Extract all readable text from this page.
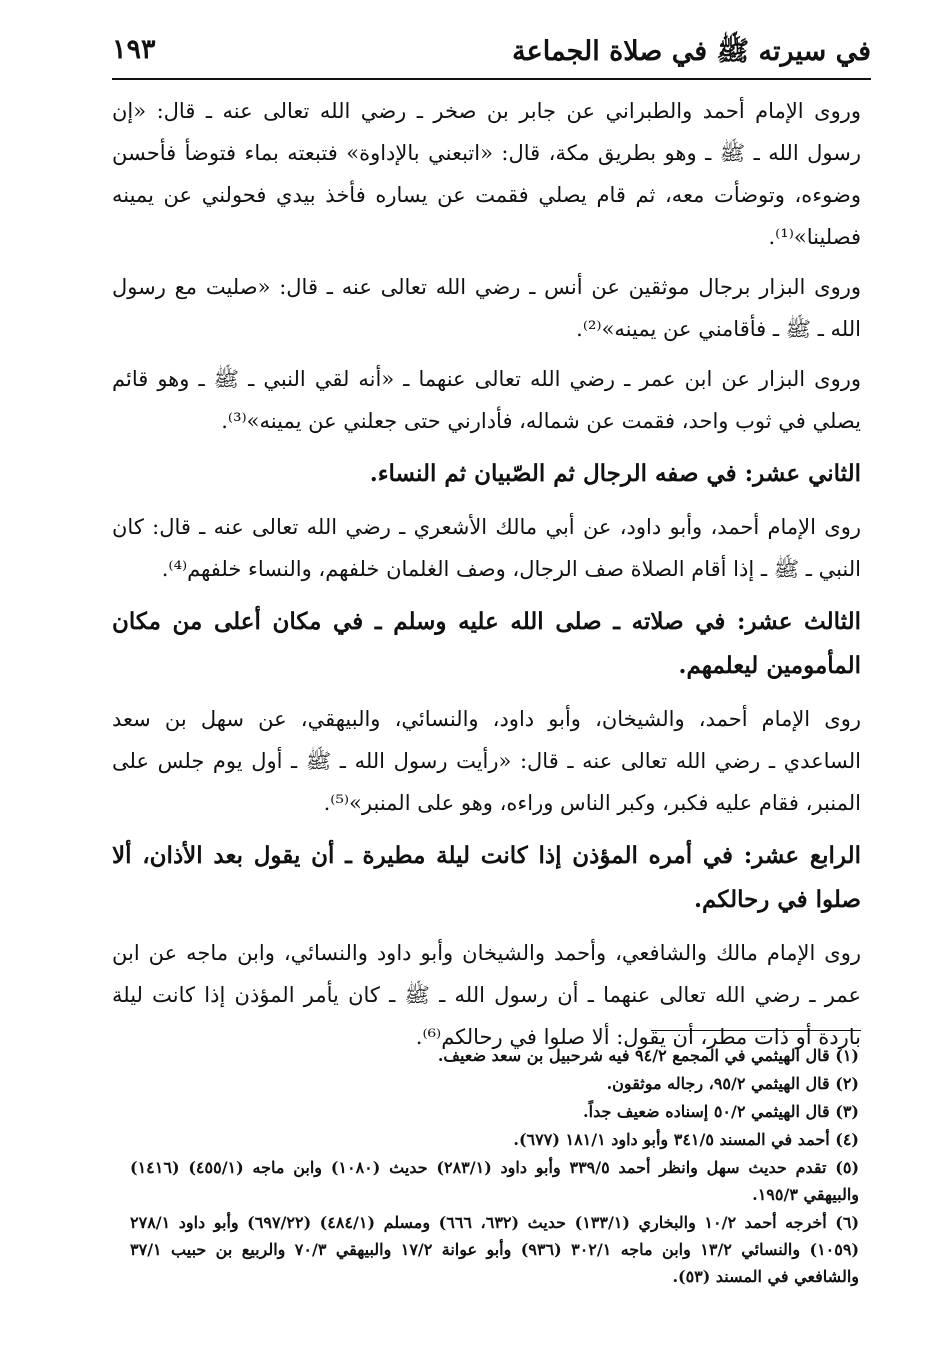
في سيرته ﷺ في صلاة الجماعة
١٩٣

وروى الإمام أحمد والطبراني عن جابر بن صخر ـ رضي الله تعالى عنه ـ قال: «إن رسول الله ـ ﷺ ـ وهو بطريق مكة، قال: «اتبعني بالإداوة» فتبعته بماء فتوضأ فأحسن وضوءه، وتوضأت معه، ثم قام يصلي فقمت عن يساره فأخذ بيدي فحولني عن يمينه فصلينا»⁽¹⁾.

وروى البزار برجال موثقين عن أنس ـ رضي الله تعالى عنه ـ قال: «صليت مع رسول الله ـ ﷺ ـ فأقامني عن يمينه»⁽²⁾.

وروى البزار عن ابن عمر ـ رضي الله تعالى عنهما ـ «أنه لقي النبي ـ ﷺ ـ وهو قائم يصلي في ثوب واحد، فقمت عن شماله، فأدارني حتى جعلني عن يمينه»⁽³⁾.

الثاني عشر: في صفه الرجال ثم الصّبيان ثم النساء.

روى الإمام أحمد، وأبو داود، عن أبي مالك الأشعري ـ رضي الله تعالى عنه ـ قال: كان النبي ـ ﷺ ـ إذا أقام الصلاة صف الرجال، وصف الغلمان خلفهم، والنساء خلفهم⁽⁴⁾.

الثالث عشر: في صلاته ـ صلى الله عليه وسلم ـ في مكان أعلى من مكان المأمومين ليعلمهم.

روى الإمام أحمد، والشيخان، وأبو داود، والنسائي، والبيهقي، عن سهل بن سعد الساعدي ـ رضي الله تعالى عنه ـ قال: «رأيت رسول الله ـ ﷺ ـ أول يوم جلس على المنبر، فقام عليه فكبر، وكبر الناس وراءه، وهو على المنبر»⁽⁵⁾.

الرابع عشر: في أمره المؤذن إذا كانت ليلة مطيرة ـ أن يقول بعد الأذان، ألا صلوا في رحالكم.

روى الإمام مالك والشافعي، وأحمد والشيخان وأبو داود والنسائي، وابن ماجه عن ابن عمر ـ رضي الله تعالى عنهما ـ أن رسول الله ـ ﷺ ـ كان يأمر المؤذن إذا كانت ليلة باردة أو ذات مطر، أن يقول: ألا صلوا في رحالكم⁽⁶⁾.

(١) قال الهيثمي في المجمع ٩٤/٢ فيه شرحبيل بن سعد ضعيف.

(٢) قال الهيثمي ٩٥/٢، رجاله موثقون.

(٣) قال الهيثمي ٥٠/٢ إسناده ضعيف جداً.

(٤) أحمد في المسند ٣٤١/٥ وأبو داود ١٨١/١ (٦٧٧).

(٥) تقدم حديث سهل وانظر أحمد ٣٣٩/٥ وأبو داود (٢٨٣/١) حديث (١٠٨٠) وابن ماجه (٤٥٥/١) (١٤١٦) والبيهقي ١٩٥/٣.

(٦) أخرجه أحمد ١٠/٢ والبخاري (١٣٣/١) حديث (٦٣٢، ٦٦٦) ومسلم (٤٨٤/١) (٦٩٧/٢٢) وأبو داود ٢٧٨/١ (١٠٥٩) والنسائي ١٣/٢ وابن ماجه ٣٠٢/١ (٩٣٦) وأبو عوانة ١٧/٢ والبيهقي ٧٠/٣ والربيع بن حبيب ٣٧/١ والشافعي في المسند (٥٣).
